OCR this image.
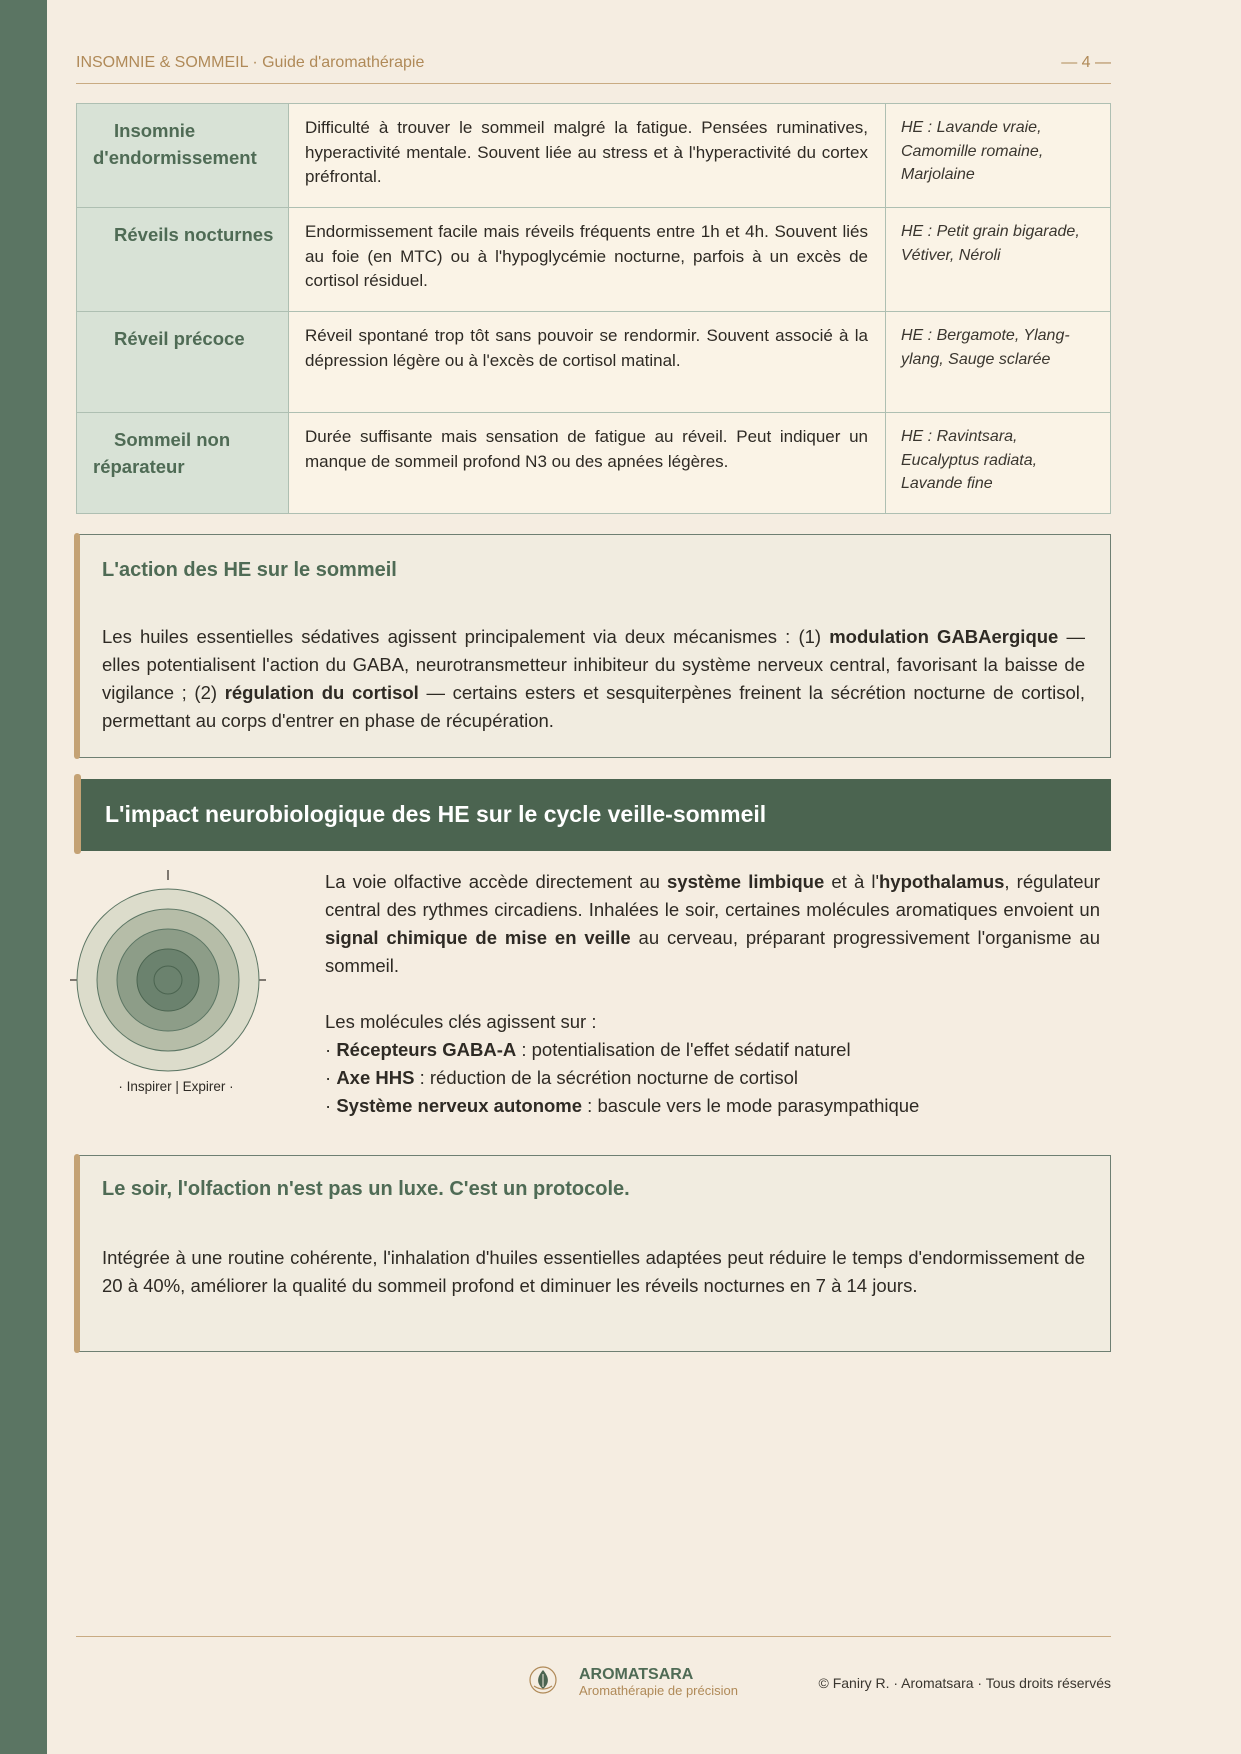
INSOMNIE & SOMMEIL · Guide d'aromathérapie	— 4 —
Insomnie d'endormissement	Difficulté à trouver le sommeil malgré la fatigue. Pensées ruminatives, hyperactivité mentale. Souvent liée au stress et à l'hyperactivité du cortex préfrontal.	HE : Lavande vraie, Camomille romaine, Marjolaine
Réveils nocturnes	Endormissement facile mais réveils fréquents entre 1h et 4h. Souvent liés au foie (en MTC) ou à l'hypoglycémie nocturne, parfois à un excès de cortisol résiduel.	HE : Petit grain bigarade, Vétiver, Néroli
Réveil précoce	Réveil spontané trop tôt sans pouvoir se rendormir. Souvent associé à la dépression légère ou à l'excès de cortisol matinal.	HE : Bergamote, Ylang-ylang, Sauge sclarée
Sommeil non réparateur	Durée suffisante mais sensation de fatigue au réveil. Peut indiquer un manque de sommeil profond N3 ou des apnées légères.	HE : Ravintsara, Eucalyptus radiata, Lavande fine
L'action des HE sur le sommeil
Les huiles essentielles sédatives agissent principalement via deux mécanismes : (1) modulation GABAergique — elles potentialisent l'action du GABA, neurotransmetteur inhibiteur du système nerveux central, favorisant la baisse de vigilance ; (2) régulation du cortisol — certains esters et sesquiterpènes freinent la sécrétion nocturne de cortisol, permettant au corps d'entrer en phase de récupération.
L'impact neurobiologique des HE sur le cycle veille-sommeil
· Inspirer | Expirer ·

La voie olfactive accède directement au système limbique et à l'hypothalamus, régulateur central des rythmes circadiens. Inhalées le soir, certaines molécules aromatiques envoient un signal chimique de mise en veille au cerveau, préparant progressivement l'organisme au sommeil.

Les molécules clés agissent sur :
· Récepteurs GABA-A : potentialisation de l'effet sédatif naturel
· Axe HHS : réduction de la sécrétion nocturne de cortisol
· Système nerveux autonome : bascule vers le mode parasympathique
Le soir, l'olfaction n'est pas un luxe. C'est un protocole.
Intégrée à une routine cohérente, l'inhalation d'huiles essentielles adaptées peut réduire le temps d'endormissement de 20 à 40%, améliorer la qualité du sommeil profond et diminuer les réveils nocturnes en 7 à 14 jours.
AROMATSARA
Aromathérapie de précision	© Faniry R. · Aromatsara · Tous droits réservés
